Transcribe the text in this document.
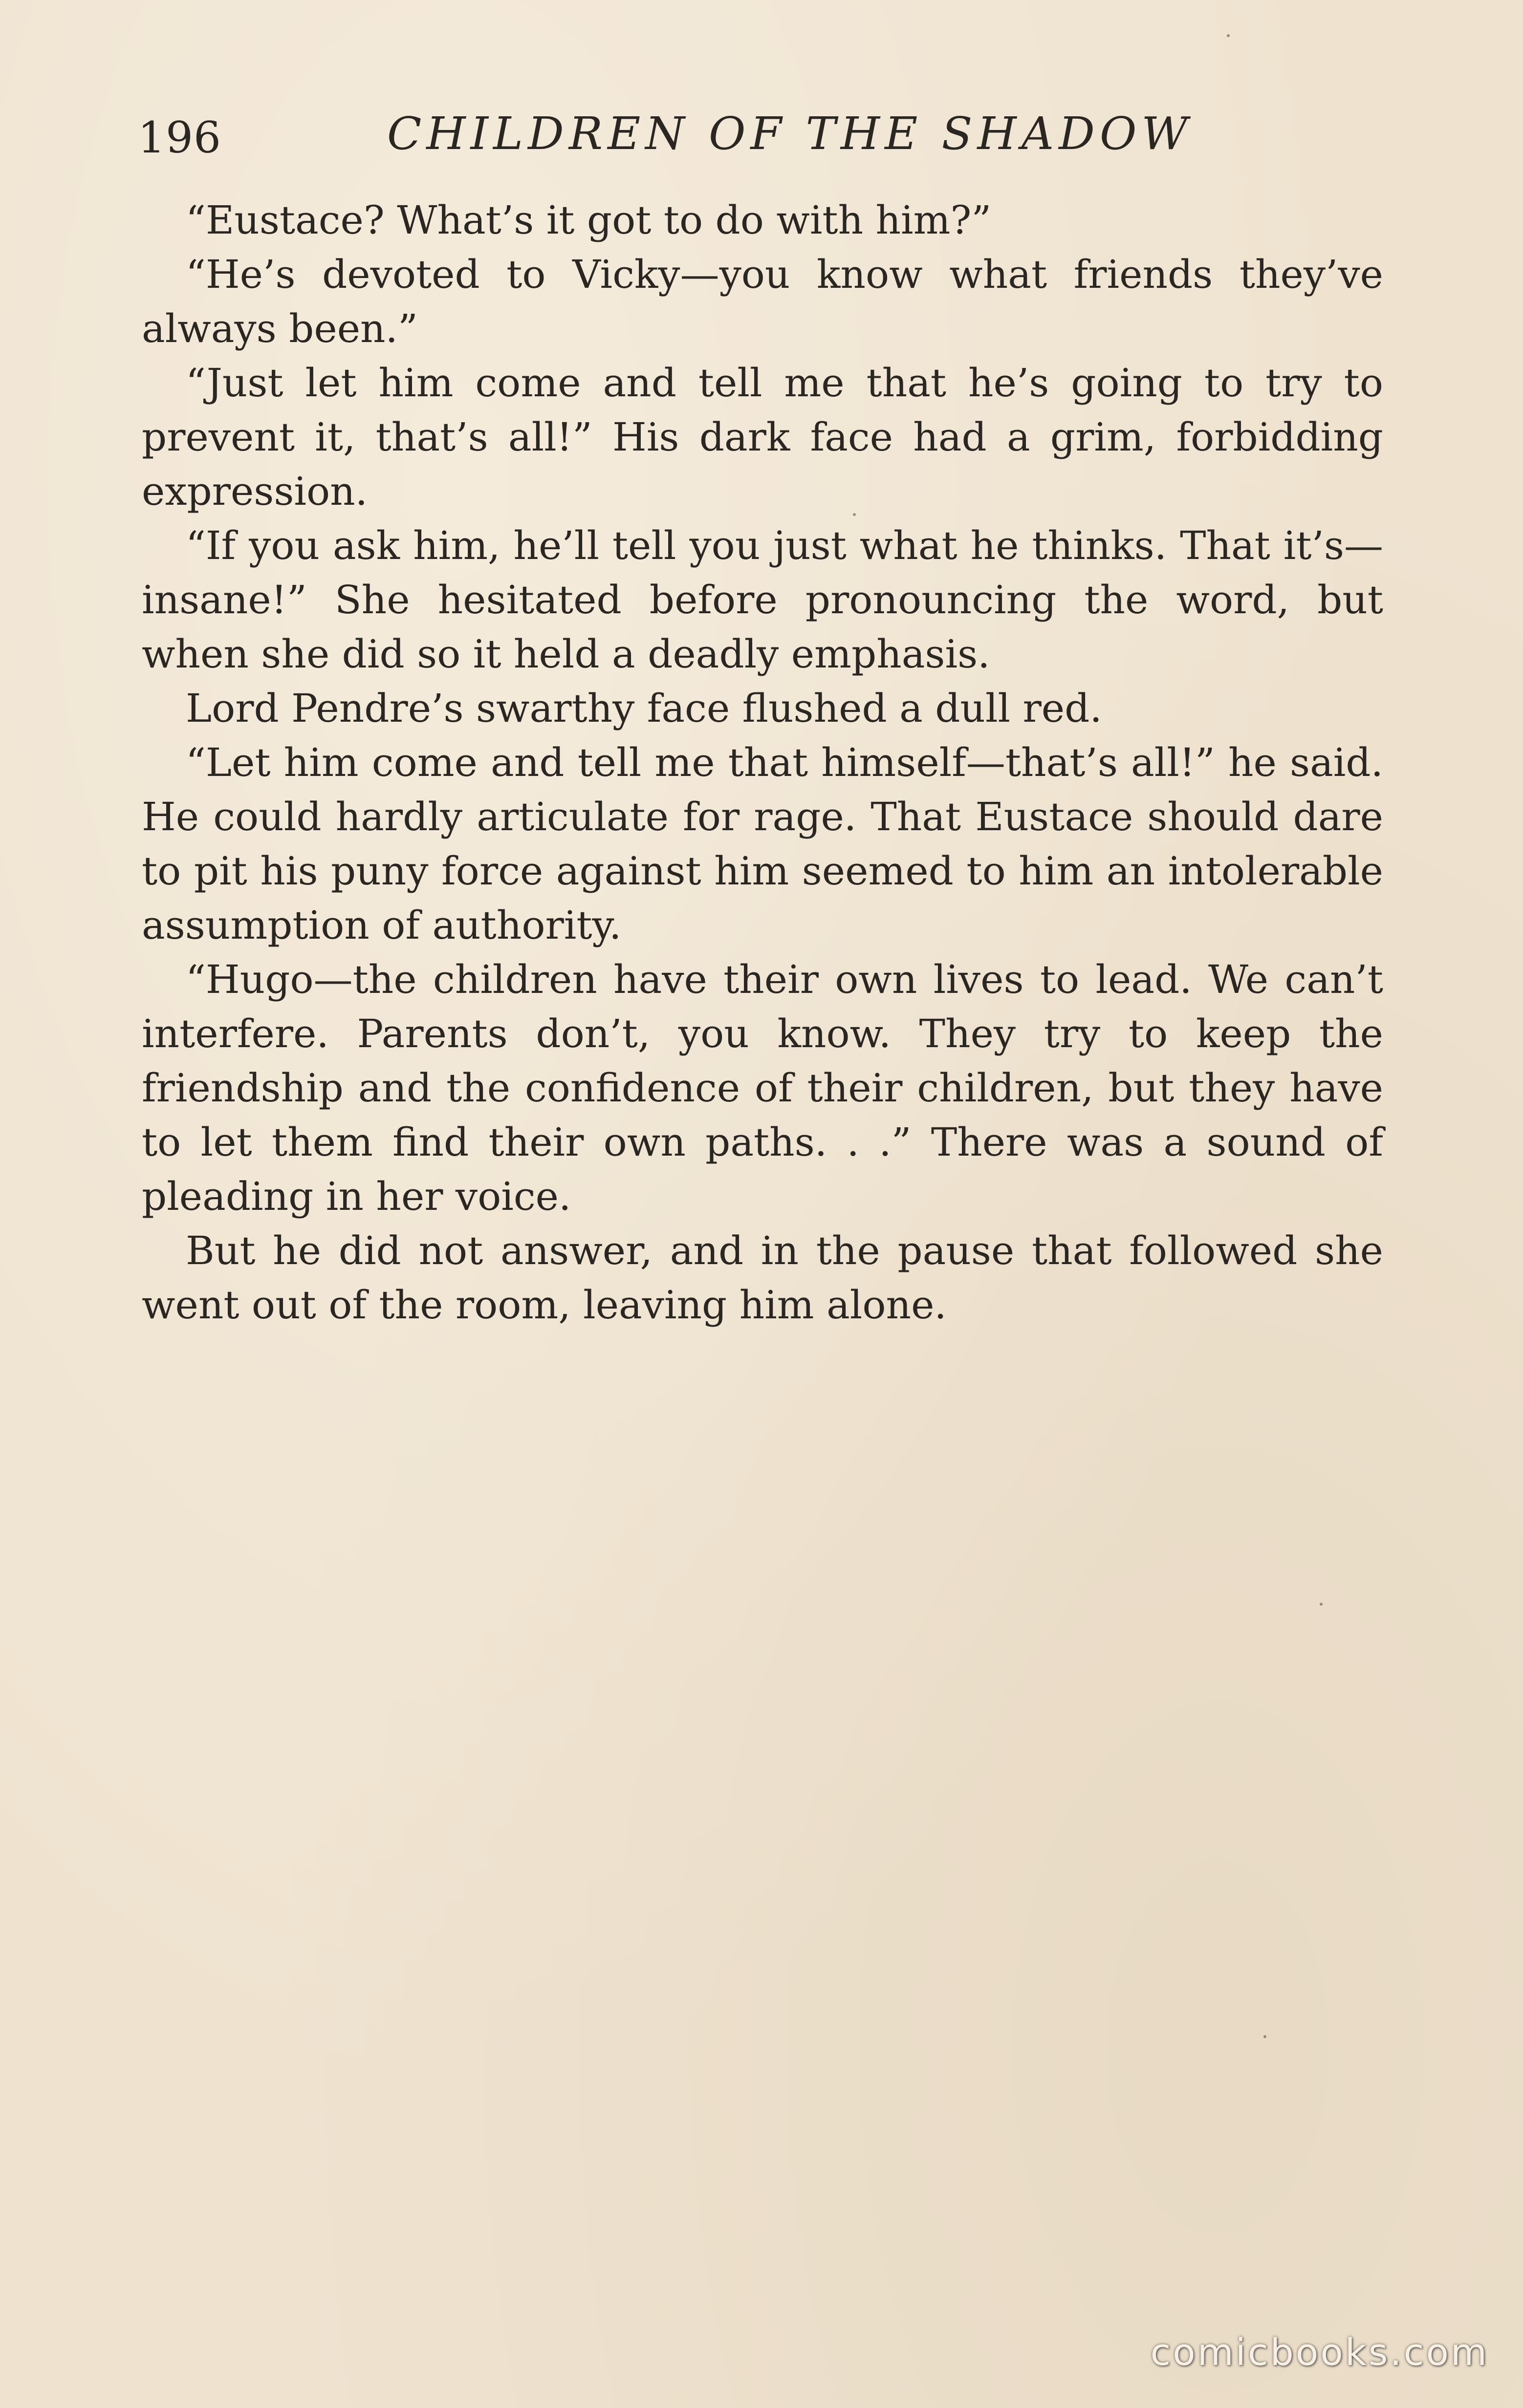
196	CHILDREN OF THE SHADOW

“Eustace? What’s it got to do with him?”

“He’s devoted to Vicky—you know what friends they’ve always been.”

“Just let him come and tell me that he’s going to try to prevent it, that’s all!” His dark face had a grim, forbidding expression.

“If you ask him, he’ll tell you just what he thinks. That it’s—insane!” She hesitated before pronouncing the word, but when she did so it held a deadly emphasis.

Lord Pendre’s swarthy face flushed a dull red.

“Let him come and tell me that himself—that’s all!” he said. He could hardly articulate for rage. That Eustace should dare to pit his puny force against him seemed to him an intolerable assumption of authority.

“Hugo—the children have their own lives to lead. We can’t interfere. Parents don’t, you know. They try to keep the friendship and the confidence of their children, but they have to let them find their own paths. . .” There was a sound of pleading in her voice.

But he did not answer, and in the pause that followed she went out of the room, leaving him alone.

comicbooks.com
